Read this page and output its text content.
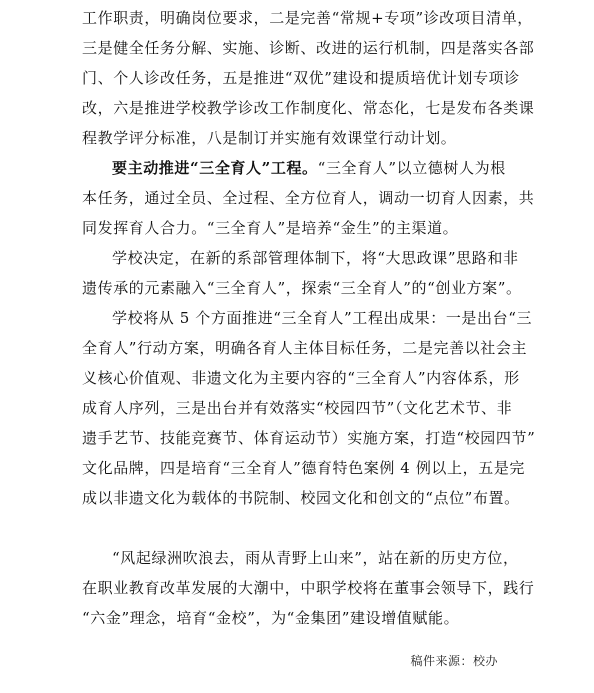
工作职责，明确岗位要求，二是完善“常规+专项”诊改项目清单，
三是健全任务分解、实施、诊断、改进的运行机制，四是落实各部
门、个人诊改任务，五是推进“双优”建设和提质培优计划专项诊
改，六是推进学校教学诊改工作制度化、常态化，七是发布各类课
程教学评分标准，八是制订并实施有效课堂行动计划。
要主动推进“三全育人”工程。“三全育人”以立德树人为根
本任务，通过全员、全过程、全方位育人，调动一切育人因素，共
同发挥育人合力。“三全育人”是培养“金生”的主渠道。
学校决定，在新的系部管理体制下，将“大思政课”思路和非
遗传承的元素融入“三全育人”，探索“三全育人”的“创业方案”。
学校将从 5 个方面推进“三全育人”工程出成果：一是出台“三
全育人”行动方案，明确各育人主体目标任务，二是完善以社会主
义核心价值观、非遗文化为主要内容的“三全育人”内容体系，形
成育人序列，三是出台并有效落实“校园四节”（文化艺术节、非
遗手艺节、技能竞赛节、体育运动节）实施方案，打造“校园四节”
文化品牌，四是培育“三全育人”德育特色案例 4 例以上，五是完
成以非遗文化为载体的书院制、校园文化和创文的“点位”布置。
“风起绿洲吹浪去，雨从青野上山来”，站在新的历史方位，
在职业教育改革发展的大潮中，中职学校将在董事会领导下，践行
“六金”理念，培育“金校”，为“金集团”建设增值赋能。
稿件来源：校办
